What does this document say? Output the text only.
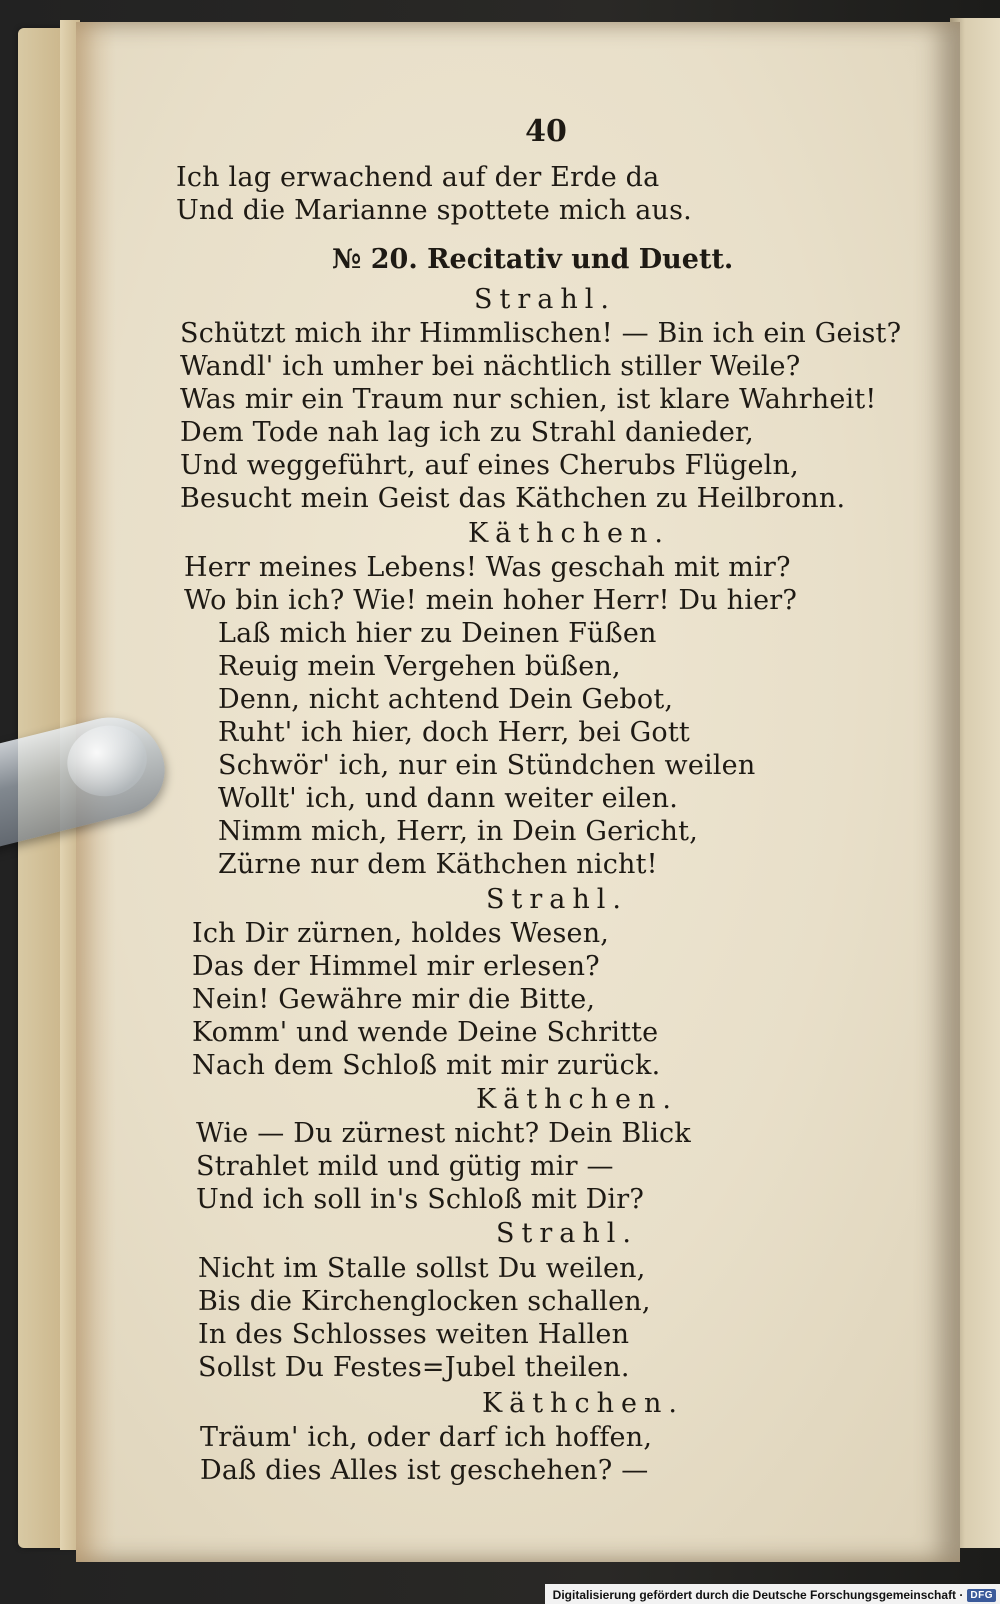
40
Ich lag erwachend auf der Erde da
Und die Marianne spottete mich aus.
№ 20. Recitativ und Duett.
Strahl.
Schützt mich ihr Himmlischen! — Bin ich ein Geist?
Wandl' ich umher bei nächtlich stiller Weile?
Was mir ein Traum nur schien, ist klare Wahrheit!
Dem Tode nah lag ich zu Strahl danieder,
Und weggeführt, auf eines Cherubs Flügeln,
Besucht mein Geist das Käthchen zu Heilbronn.
Käthchen.
Herr meines Lebens! Was geschah mit mir?
Wo bin ich? Wie! mein hoher Herr! Du hier?
Laß mich hier zu Deinen Füßen
Reuig mein Vergehen büßen,
Denn, nicht achtend Dein Gebot,
Ruht' ich hier, doch Herr, bei Gott
Schwör' ich, nur ein Stündchen weilen
Wollt' ich, und dann weiter eilen.
Nimm mich, Herr, in Dein Gericht,
Zürne nur dem Käthchen nicht!
Strahl.
Ich Dir zürnen, holdes Wesen,
Das der Himmel mir erlesen?
Nein! Gewähre mir die Bitte,
Komm' und wende Deine Schritte
Nach dem Schloß mit mir zurück.
Käthchen.
Wie — Du zürnest nicht? Dein Blick
Strahlet mild und gütig mir —
Und ich soll in's Schloß mit Dir?
Strahl.
Nicht im Stalle sollst Du weilen,
Bis die Kirchenglocken schallen,
In des Schlosses weiten Hallen
Sollst Du Festes=Jubel theilen.
Käthchen.
Träum' ich, oder darf ich hoffen,
Daß dies Alles ist geschehen? —
Digitalisierung gefördert durch die Deutsche Forschungsgemeinschaft · DFG
